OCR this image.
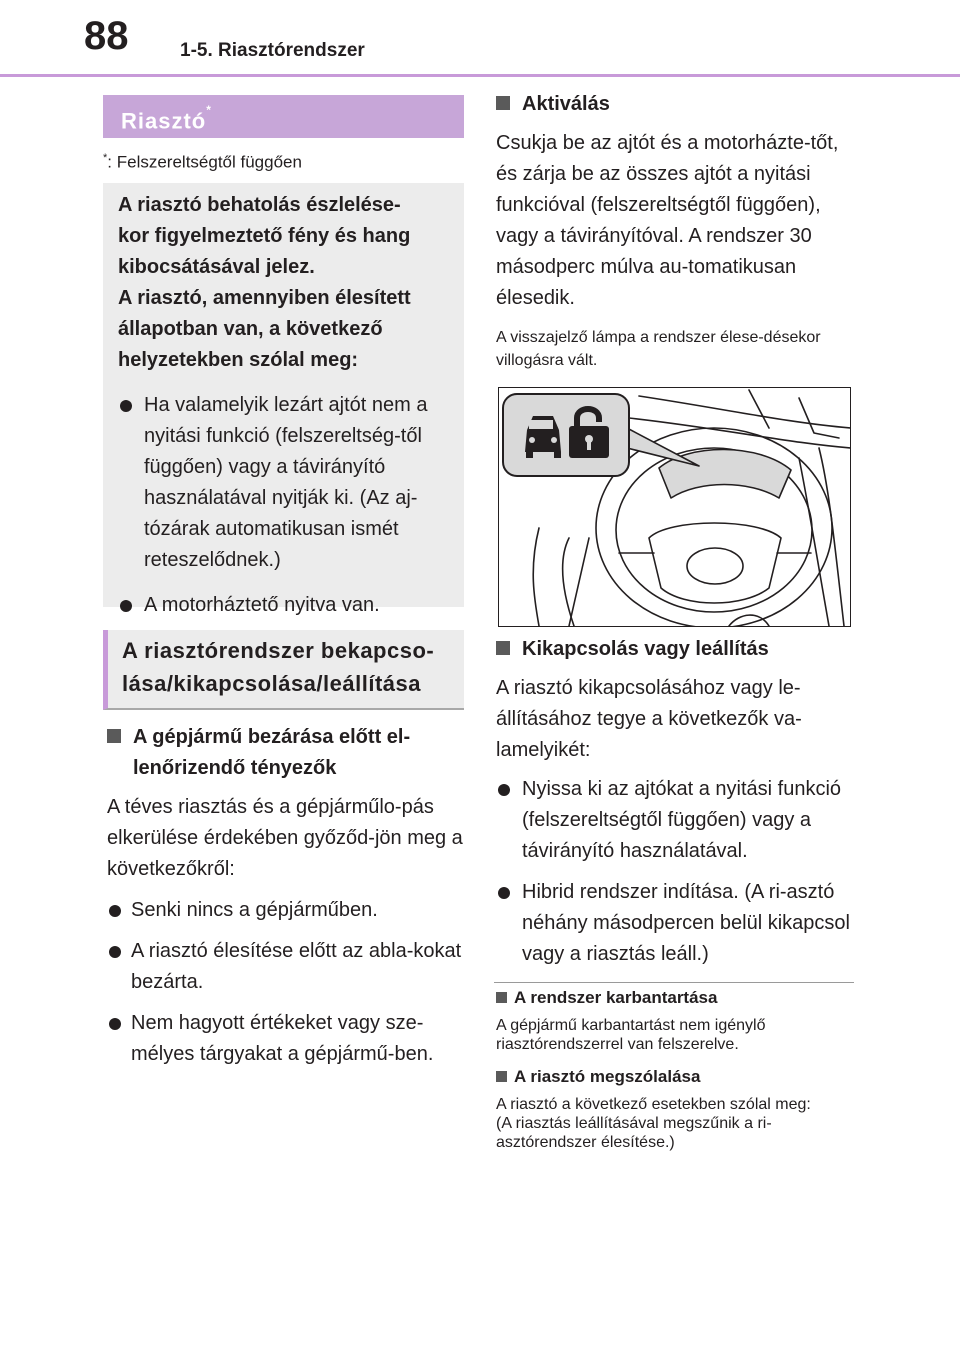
88	1-5. Riasztórendszer
Riasztó*
*: Felszereltségtől függően

A riasztó behatolás észlelése-

kor figyelmeztető fény és hang

kibocsátásával jelez.

A riasztó, amennyiben élesített

állapotban van, a következő

helyzetekben szólal meg:

Ha valamelyik lezárt ajtót nem a nyitási funkció (felszereltség-től függően) vagy a távirányító használatával nyitják ki. (Az aj-tózárak automatikusan ismét reteszelődnek.)
A motorháztető nyitva van.
A riasztórendszer bekapcso-
lása/kikapcsolása/leállítása
A gépjármű bezárása előtt el-lenőrizendő tényezők

A téves riasztás és a gépjárműlo-pás elkerülése érdekében győződ-jön meg a következőkről:

Senki nincs a gépjárműben.
A riasztó élesítése előtt az abla-kokat bezárta.
Nem hagyott értékeket vagy sze-mélyes tárgyakat a gépjármű-ben.
Aktiválás

Csukja be az ajtót és a motorházte-tőt, és zárja be az összes ajtót a nyitási funkcióval (felszereltségtől függően), vagy a távirányítóval. A rendszer 30 másodperc múlva au-tomatikusan élesedik.

A visszajelző lámpa a rendszer élese-désekor villogásra vált.

Kikapcsolás vagy leállítás

A riasztó kikapcsolásához vagy le-állításához tegye a következők va-lamelyikét:

Nyissa ki az ajtókat a nyitási funkció (felszereltségtől függően) vagy a távirányító használatával.
Hibrid rendszer indítása. (A ri-asztó néhány másodpercen belül kikapcsol vagy a riasztás leáll.)
A rendszer karbantartása

A gépjármű karbantartást nem igénylő riasztórendszerrel van felszerelve.

A riasztó megszólalása

A riasztó a következő esetekben szólal meg:

(A riasztás leállításával megszűnik a ri-asztórendszer élesítése.)
